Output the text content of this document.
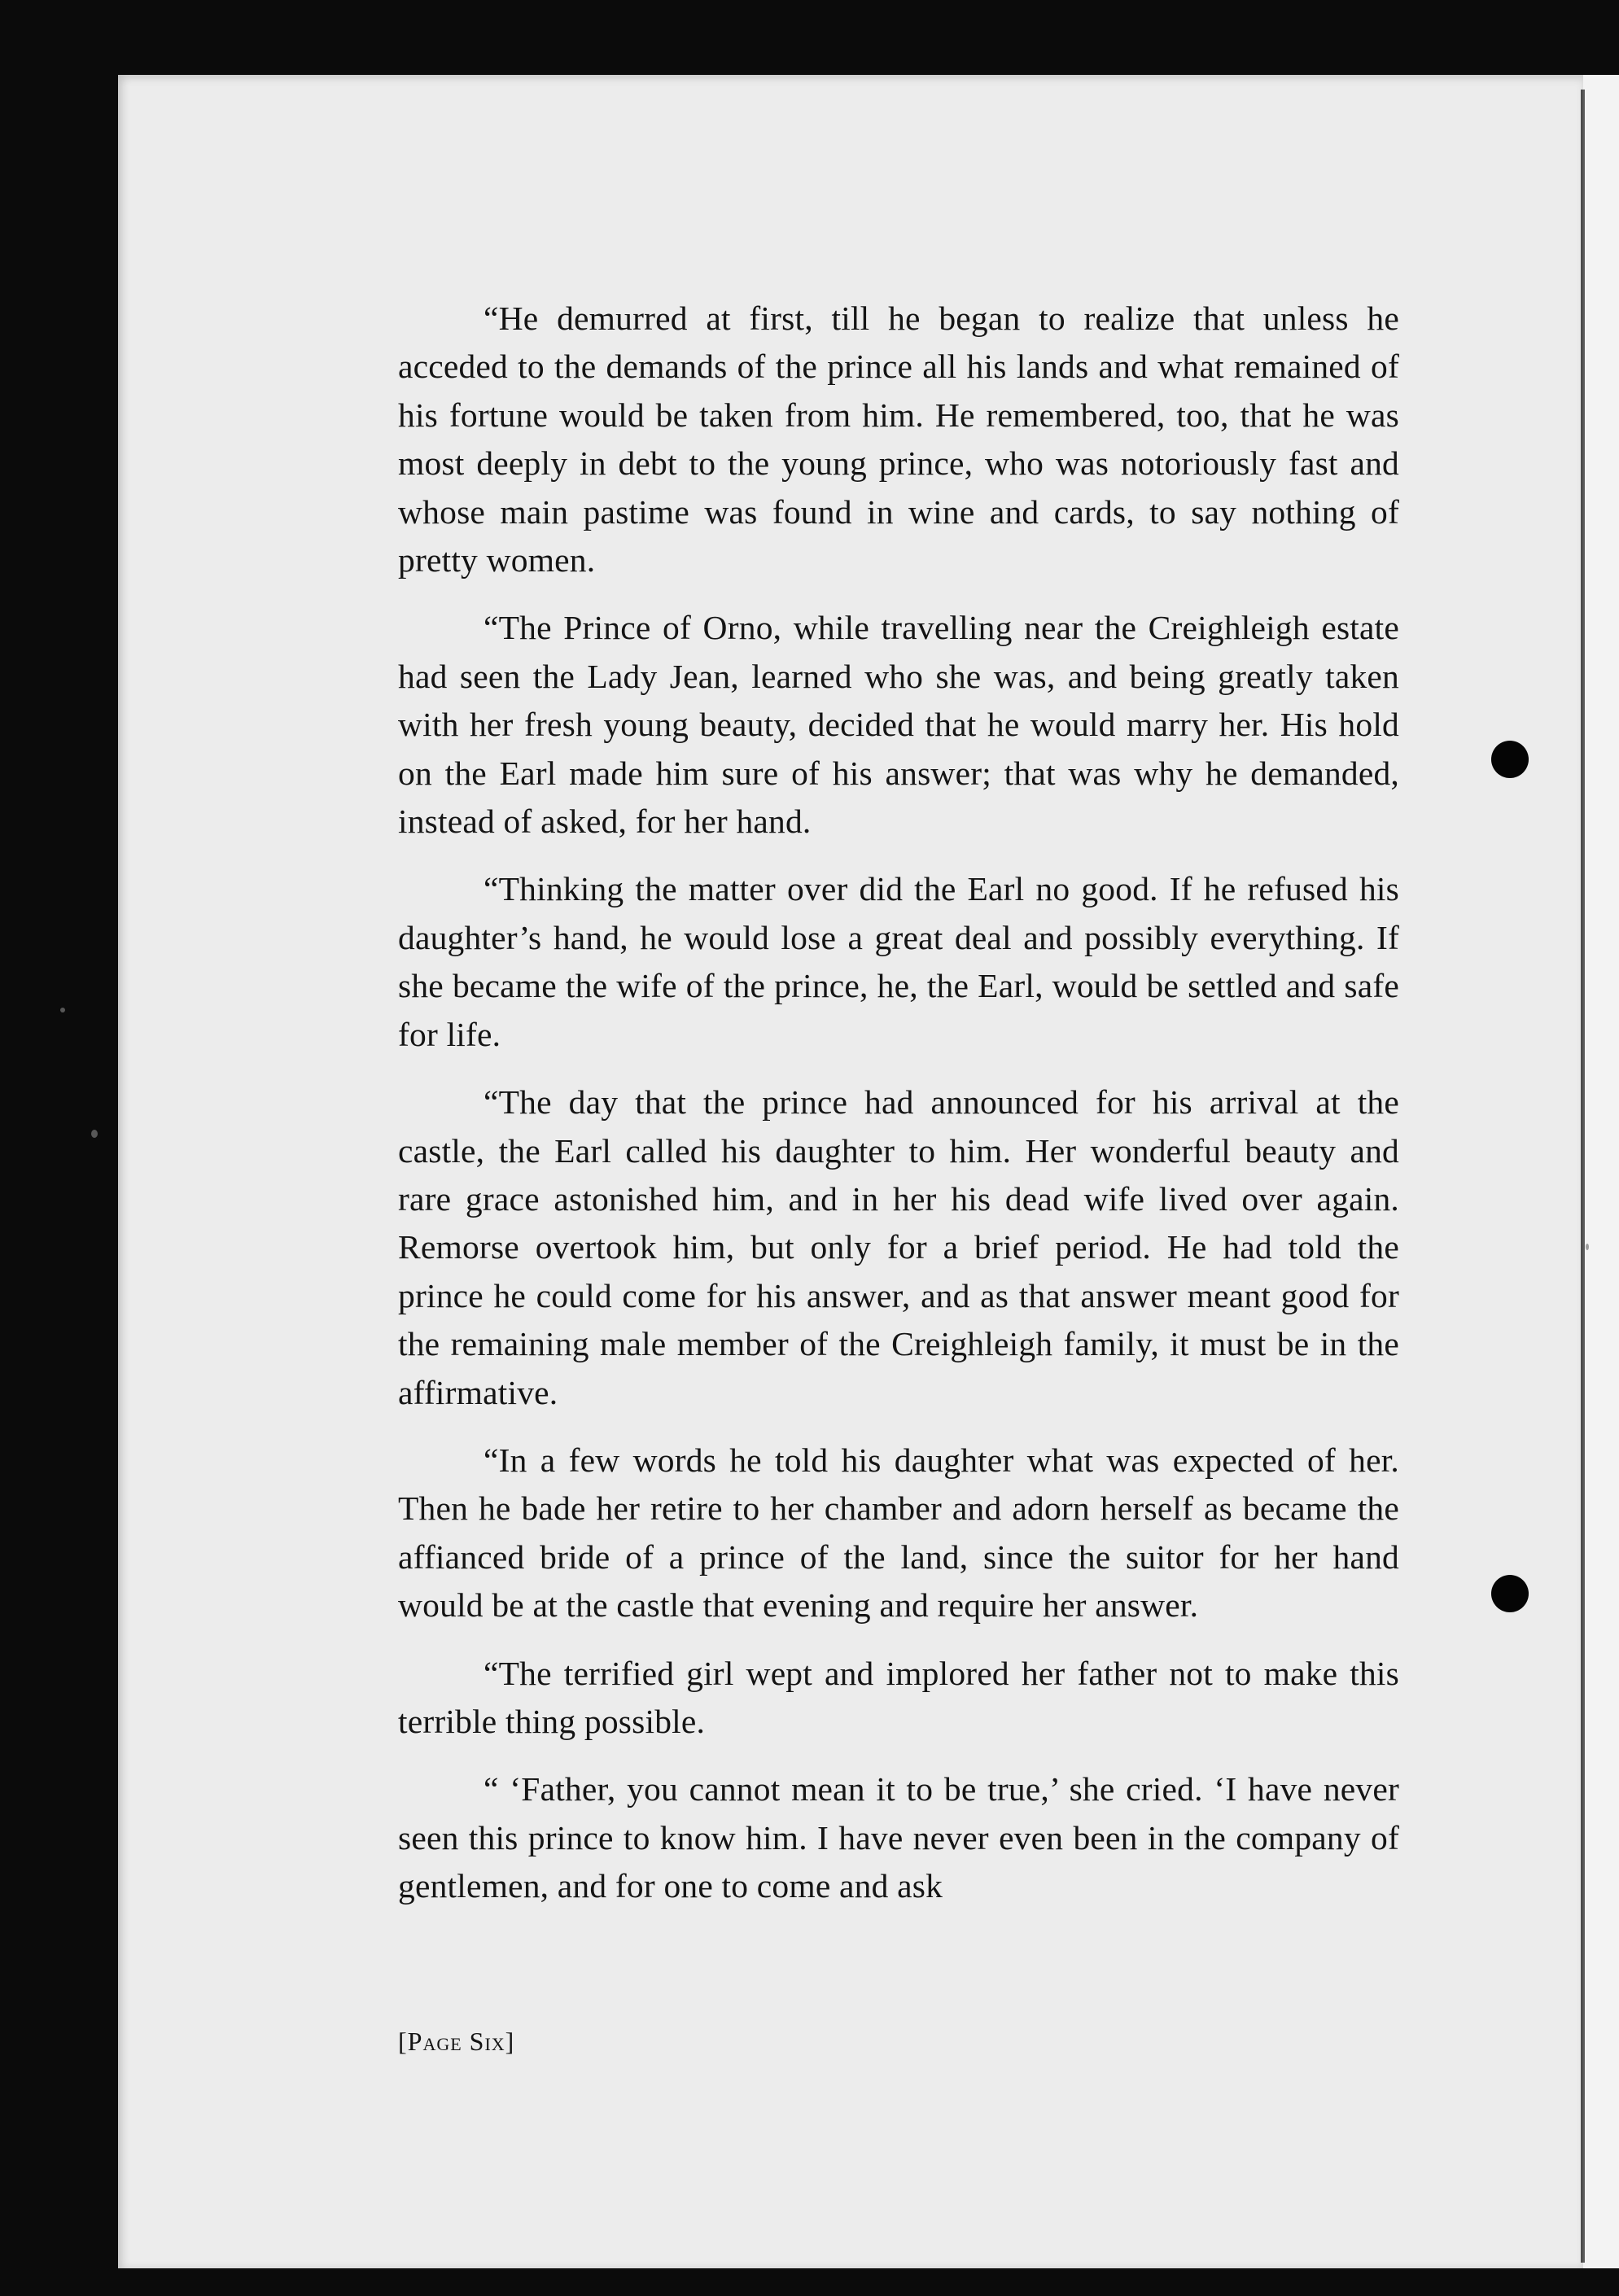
“He demurred at first, till he began to realize that unless he acceded to the demands of the prince all his lands and what remained of his fortune would be taken from him. He remembered, too, that he was most deeply in debt to the young prince, who was notoriously fast and whose main pastime was found in wine and cards, to say nothing of pretty women.

“The Prince of Orno, while travelling near the Creighleigh estate had seen the Lady Jean, learned who she was, and being greatly taken with her fresh young beauty, decided that he would marry her. His hold on the Earl made him sure of his answer; that was why he demanded, instead of asked, for her hand.

“Thinking the matter over did the Earl no good. If he refused his daughter’s hand, he would lose a great deal and possibly everything. If she became the wife of the prince, he, the Earl, would be settled and safe for life.

“The day that the prince had announced for his arrival at the castle, the Earl called his daughter to him. Her wonderful beauty and rare grace astonished him, and in her his dead wife lived over again. Remorse overtook him, but only for a brief period. He had told the prince he could come for his answer, and as that answer meant good for the remaining male member of the Creighleigh family, it must be in the affirmative.

“In a few words he told his daughter what was expected of her. Then he bade her retire to her chamber and adorn herself as became the affianced bride of a prince of the land, since the suitor for her hand would be at the castle that evening and require her answer.

“The terrified girl wept and implored her father not to make this terrible thing possible.

“ ‘Father, you cannot mean it to be true,’ she cried. ‘I have never seen this prince to know him. I have never even been in the company of gentlemen, and for one to come and ask

[Page Six]
